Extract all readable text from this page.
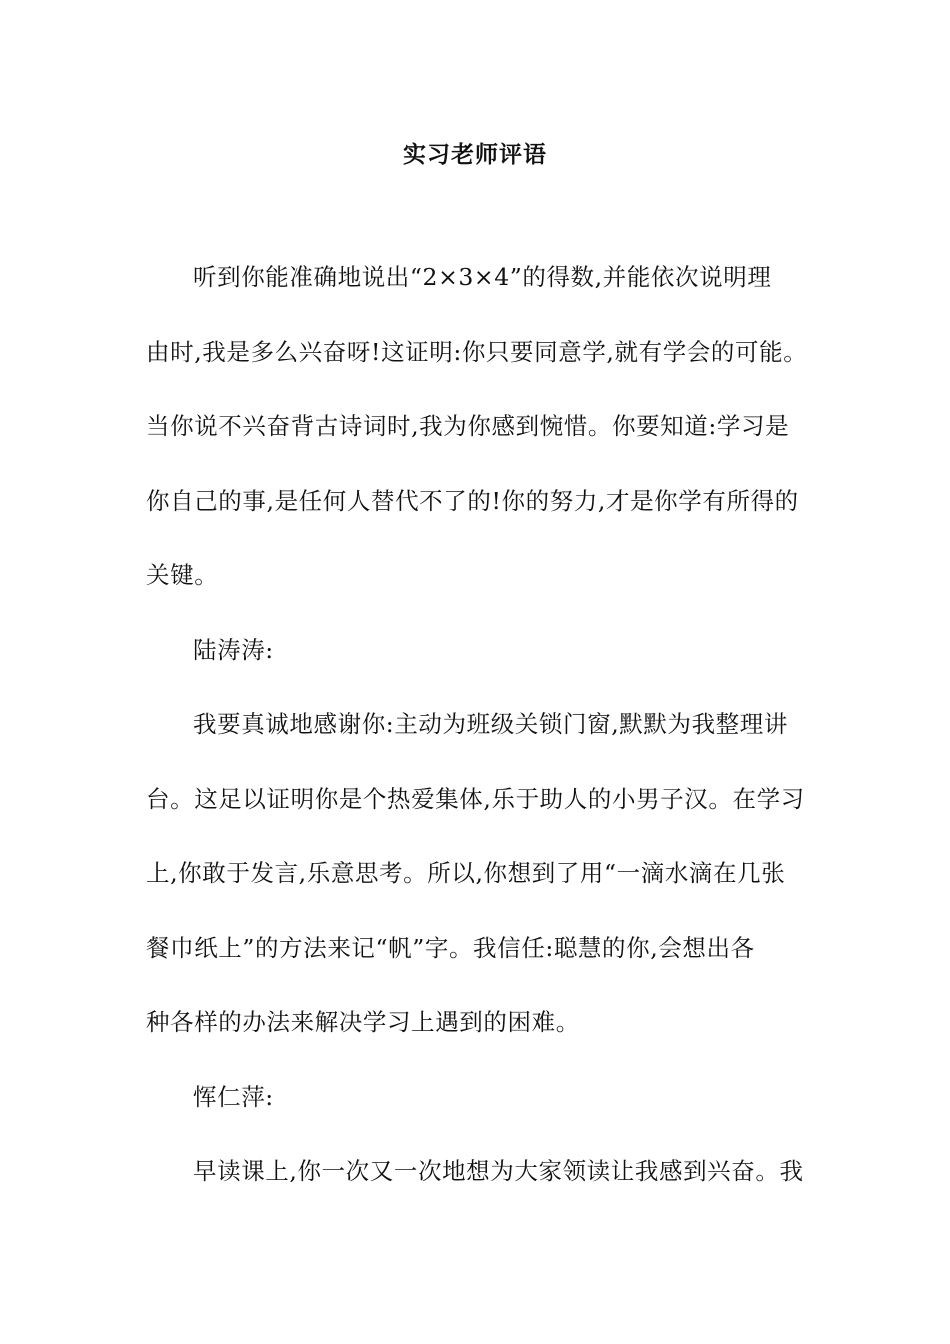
实习老师评语
听到你能准确地说出“2×3×4”的得数,并能依次说明理
由时,我是多么兴奋呀!这证明:你只要同意学,就有学会的可能。
当你说不兴奋背古诗词时,我为你感到惋惜。你要知道:学习是
你自己的事,是任何人替代不了的!你的努力,才是你学有所得的
关键。
陆涛涛:
我要真诚地感谢你:主动为班级关锁门窗,默默为我整理讲
台。这足以证明你是个热爱集体,乐于助人的小男子汉。在学习
上,你敢于发言,乐意思考。所以,你想到了用“一滴水滴在几张
餐巾纸上”的方法来记“帆”字。我信任:聪慧的你,会想出各
种各样的办法来解决学习上遇到的困难。
恽仁萍:
早读课上,你一次又一次地想为大家领读让我感到兴奋。我
